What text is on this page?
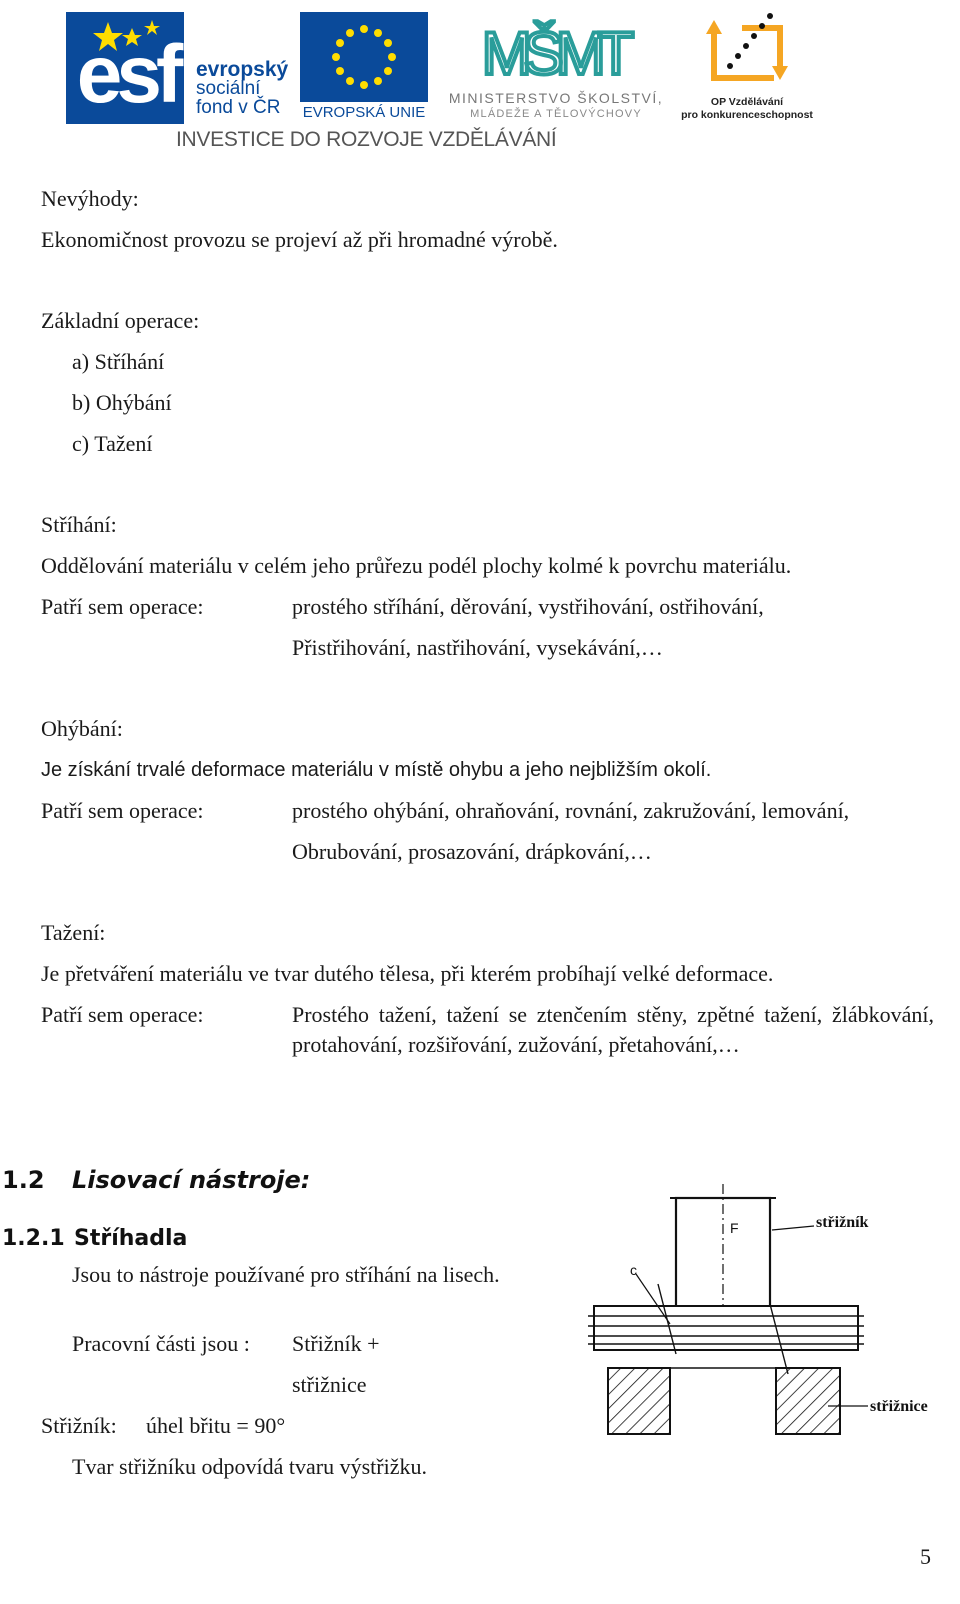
esf evropský
sociální
fond v ČR	EVROPSKÁ UNIE
MŠMT
MINISTERSTVO ŠKOLSTVÍ,
MLÁDEŽE A TĚLOVÝCHOVY
OP Vzdělávání
pro konkurenceschopnost
INVESTICE DO ROZVOJE VZDĚLÁVÁNÍ
Nevýhody:
Ekonomičnost provozu se projeví až při hromadné výrobě.
Základní operace:
a) Stříhání
b) Ohýbání
c) Tažení
Stříhání:
Oddělování materiálu v celém jeho průřezu podél plochy kolmé k povrchu materiálu.
Patří sem operace:	prostého stříhání, děrování, vystřihování, ostřihování,
Přistřihování, nastřihování, vysekávání,…
Ohýbání:
Je získání trvalé deformace materiálu v místě ohybu a jeho nejbližším okolí.
Patří sem operace:	prostého ohýbání, ohraňování, rovnání, zakružování, lemování,
Obrubování, prosazování, drápkování,…
Tažení:
Je přetváření materiálu ve tvar dutého tělesa, při kterém probíhají velké deformace.
Patří sem operace:	Prostého tažení, tažení se ztenčením stěny, zpětné tažení, žlábkování, protahování, rozšiřování, zužování, přetahování,…
1.2 Lisovací nástroje:
1.2.1 Stříhadla
Jsou to nástroje používané pro stříhání na lisech.
Pracovní části jsou : Střižník +
střižnice
Střižník: úhel břitu = 90°
Tvar střižníku odpovídá tvaru výstřižku.
F
c
střižník
střižnice
5
